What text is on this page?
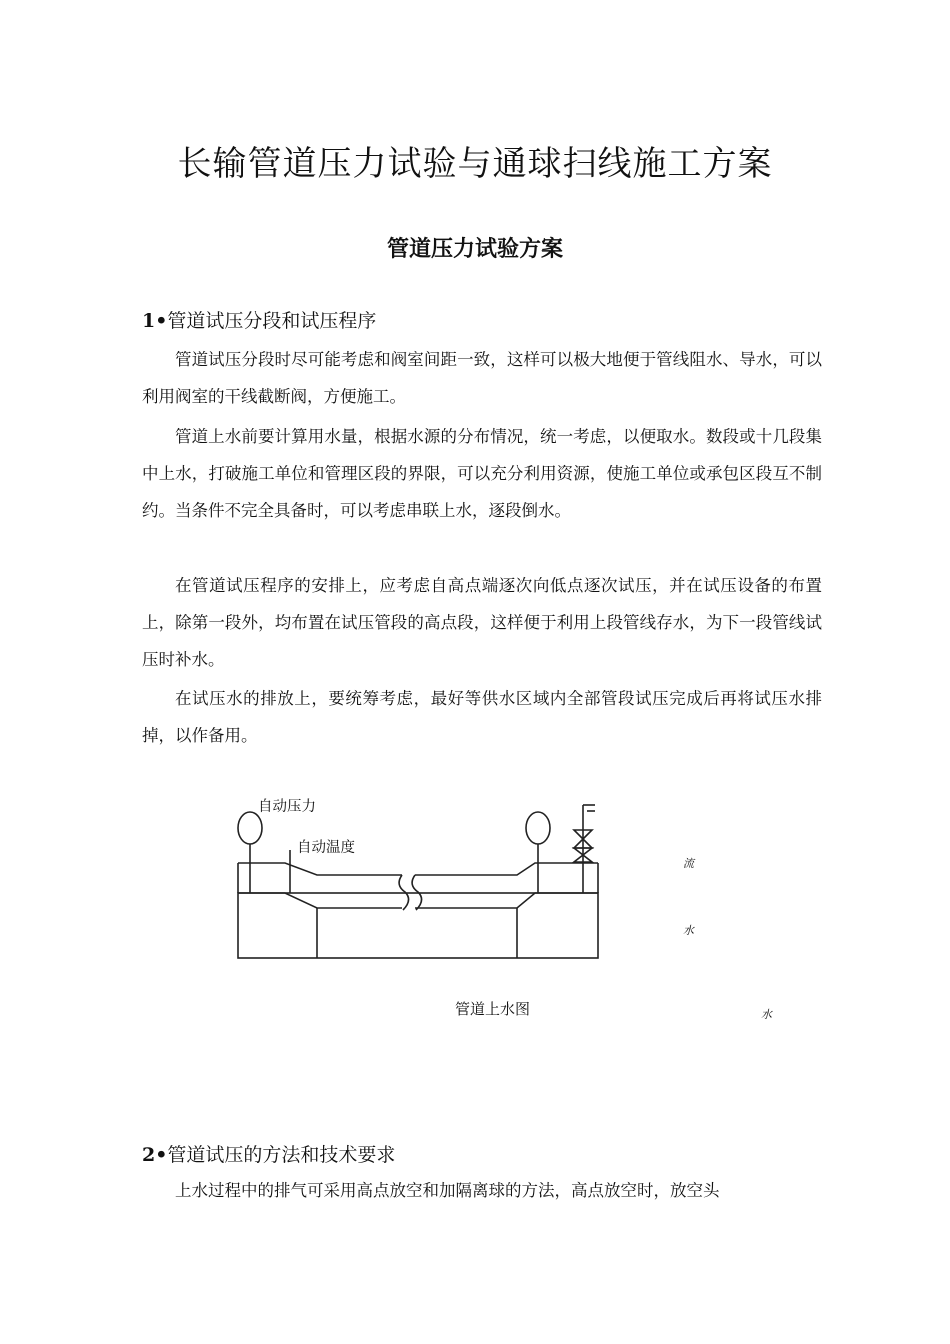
长输管道压力试验与通球扫线施工方案
管道压力试验方案
1•管道试压分段和试压程序

管道试压分段时尽可能考虑和阀室间距一致，这样可以极大地便于管线阻水、导水，可以利用阀室的干线截断阀，方便施工。

管道上水前要计算用水量，根据水源的分布情况，统一考虑，以便取水。数段或十几段集中上水，打破施工单位和管理区段的界限，可以充分利用资源，使施工单位或承包区段互不制约。当条件不完全具备时，可以考虑串联上水，逐段倒水。

在管道试压程序的安排上，应考虑自高点端逐次向低点逐次试压，并在试压设备的布置上，除第一段外，均布置在试压管段的高点段，这样便于利用上段管线存水，为下一段管线试压时补水。

在试压水的排放上，要统筹考虑，最好等供水区域内全部管段试压完成后再将试压水排掉，以作备用。

自动压力
自动温度
流
水
水

管道上水图

2•管道试压的方法和技术要求

上水过程中的排气可采用高点放空和加隔离球的方法，高点放空时，放空头
